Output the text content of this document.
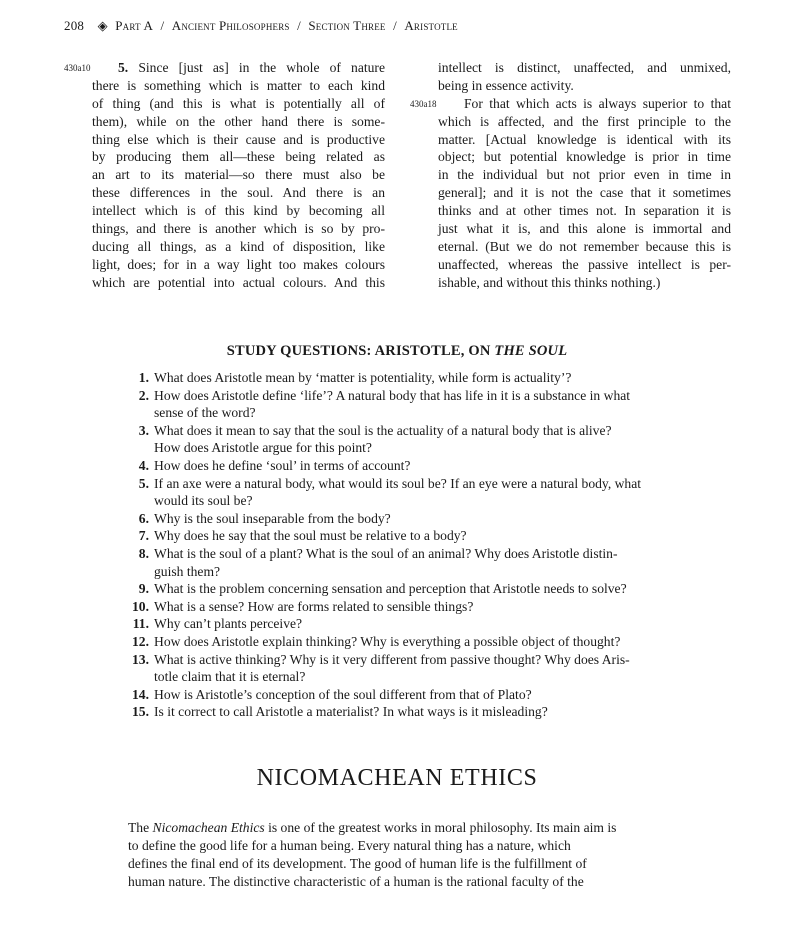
208 ◈ Part A / Ancient Philosophers / Section Three / Aristotle
430a10	5. Since [just as] in the whole of nature
there is something which is matter to each kind
of thing (and this is what is potentially all of
them), while on the other hand there is some-
thing else which is their cause and is productive
by producing them all—these being related as
an art to its material—so there must also be
these differences in the soul. And there is an
intellect which is of this kind by becoming all
things, and there is another which is so by pro-
ducing all things, as a kind of disposition, like
light, does; for in a way light too makes colours
which are potential into actual colours. And this
430a18
intellect is distinct, unaffected, and unmixed,
being in essence activity.
For that which acts is always superior to that
which is affected, and the first principle to the
matter. [Actual knowledge is identical with its
object; but potential knowledge is prior in time
in the individual but not prior even in time in
general]; and it is not the case that it sometimes
thinks and at other times not. In separation it is
just what it is, and this alone is immortal and
eternal. (But we do not remember because this is
unaffected, whereas the passive intellect is per-
ishable, and without this thinks nothing.)
STUDY QUESTIONS: ARISTOTLE, ON THE SOUL
1. What does Aristotle mean by ‘matter is potentiality, while form is actuality’?
2. How does Aristotle define ‘life’? A natural body that has life in it is a substance in what
sense of the word?
3. What does it mean to say that the soul is the actuality of a natural body that is alive?
How does Aristotle argue for this point?
4. How does he define ‘soul’ in terms of account?
5. If an axe were a natural body, what would its soul be? If an eye were a natural body, what
would its soul be?
6. Why is the soul inseparable from the body?
7. Why does he say that the soul must be relative to a body?
8. What is the soul of a plant? What is the soul of an animal? Why does Aristotle distin-
guish them?
9. What is the problem concerning sensation and perception that Aristotle needs to solve?
10. What is a sense? How are forms related to sensible things?
11. Why can’t plants perceive?
12. How does Aristotle explain thinking? Why is everything a possible object of thought?
13. What is active thinking? Why is it very different from passive thought? Why does Aris-
totle claim that it is eternal?
14. How is Aristotle’s conception of the soul different from that of Plato?
15. Is it correct to call Aristotle a materialist? In what ways is it misleading?
NICOMACHEAN ETHICS
The Nicomachean Ethics is one of the greatest works in moral philosophy. Its main aim is
to define the good life for a human being. Every natural thing has a nature, which
defines the final end of its development. The good of human life is the fulfillment of
human nature. The distinctive characteristic of a human is the rational faculty of the
